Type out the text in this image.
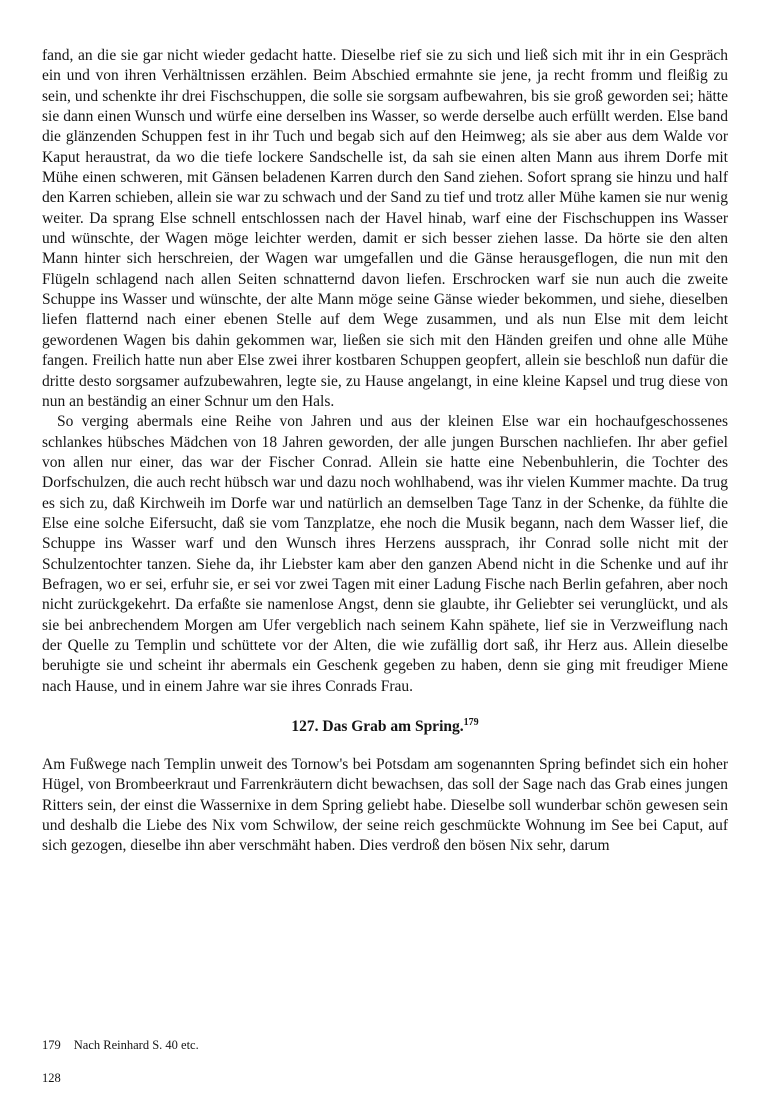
fand, an die sie gar nicht wieder gedacht hatte. Dieselbe rief sie zu sich und ließ sich mit ihr in ein Gespräch ein und von ihren Verhältnissen erzählen. Beim Abschied ermahnte sie jene, ja recht fromm und fleißig zu sein, und schenkte ihr drei Fischschuppen, die solle sie sorgsam aufbewahren, bis sie groß geworden sei; hätte sie dann einen Wunsch und würfe eine derselben ins Wasser, so werde derselbe auch erfüllt werden. Else band die glänzenden Schuppen fest in ihr Tuch und begab sich auf den Heimweg; als sie aber aus dem Walde vor Kaput heraustrat, da wo die tiefe lockere Sandschelle ist, da sah sie einen alten Mann aus ihrem Dorfe mit Mühe einen schweren, mit Gänsen beladenen Karren durch den Sand ziehen. Sofort sprang sie hinzu und half den Karren schieben, allein sie war zu schwach und der Sand zu tief und trotz aller Mühe kamen sie nur wenig weiter. Da sprang Else schnell entschlossen nach der Havel hinab, warf eine der Fischschuppen ins Wasser und wünschte, der Wagen möge leichter werden, damit er sich besser ziehen lasse. Da hörte sie den alten Mann hinter sich herschreien, der Wagen war umgefallen und die Gänse herausgeflogen, die nun mit den Flügeln schlagend nach allen Seiten schnatternd davon liefen. Erschrocken warf sie nun auch die zweite Schuppe ins Wasser und wünschte, der alte Mann möge seine Gänse wieder bekommen, und siehe, dieselben liefen flatternd nach einer ebenen Stelle auf dem Wege zusammen, und als nun Else mit dem leicht gewordenen Wagen bis dahin gekommen war, ließen sie sich mit den Händen greifen und ohne alle Mühe fangen. Freilich hatte nun aber Else zwei ihrer kostbaren Schuppen geopfert, allein sie beschloß nun dafür die dritte desto sorgsamer aufzubewahren, legte sie, zu Hause angelangt, in eine kleine Kapsel und trug diese von nun an beständig an einer Schnur um den Hals.

So verging abermals eine Reihe von Jahren und aus der kleinen Else war ein hochaufgeschossenes schlankes hübsches Mädchen von 18 Jahren geworden, der alle jungen Burschen nachliefen. Ihr aber gefiel von allen nur einer, das war der Fischer Conrad. Allein sie hatte eine Nebenbuhlerin, die Tochter des Dorfschulzen, die auch recht hübsch war und dazu noch wohlhabend, was ihr vielen Kummer machte. Da trug es sich zu, daß Kirchweih im Dorfe war und natürlich an demselben Tage Tanz in der Schenke, da fühlte die Else eine solche Eifersucht, daß sie vom Tanzplatze, ehe noch die Musik begann, nach dem Wasser lief, die Schuppe ins Wasser warf und den Wunsch ihres Herzens aussprach, ihr Conrad solle nicht mit der Schulzentochter tanzen. Siehe da, ihr Liebster kam aber den ganzen Abend nicht in die Schenke und auf ihr Befragen, wo er sei, erfuhr sie, er sei vor zwei Tagen mit einer Ladung Fische nach Berlin gefahren, aber noch nicht zurückgekehrt. Da erfaßte sie namenlose Angst, denn sie glaubte, ihr Geliebter sei verunglückt, und als sie bei anbrechendem Morgen am Ufer vergeblich nach seinem Kahn spähete, lief sie in Verzweiflung nach der Quelle zu Templin und schüttete vor der Alten, die wie zufällig dort saß, ihr Herz aus. Allein dieselbe beruhigte sie und scheint ihr abermals ein Geschenk gegeben zu haben, denn sie ging mit freudiger Miene nach Hause, und in einem Jahre war sie ihres Conrads Frau.

127. Das Grab am Spring.$^{179}$

Am Fußwege nach Templin unweit des Tornow's bei Potsdam am sogenannten Spring befindet sich ein hoher Hügel, von Brombeerkraut und Farrenkräutern dicht bewachsen, das soll der Sage nach das Grab eines jungen Ritters sein, der einst die Wassernixe in dem Spring geliebt habe. Dieselbe soll wunderbar schön gewesen sein und deshalb die Liebe des Nix vom Schwilow, der seine reich geschmückte Wohnung im See bei Caput, auf sich gezogen, dieselbe ihn aber verschmäht haben. Dies verdroß den bösen Nix sehr, darum

179 Nach Reinhard S. 40 etc.
128
